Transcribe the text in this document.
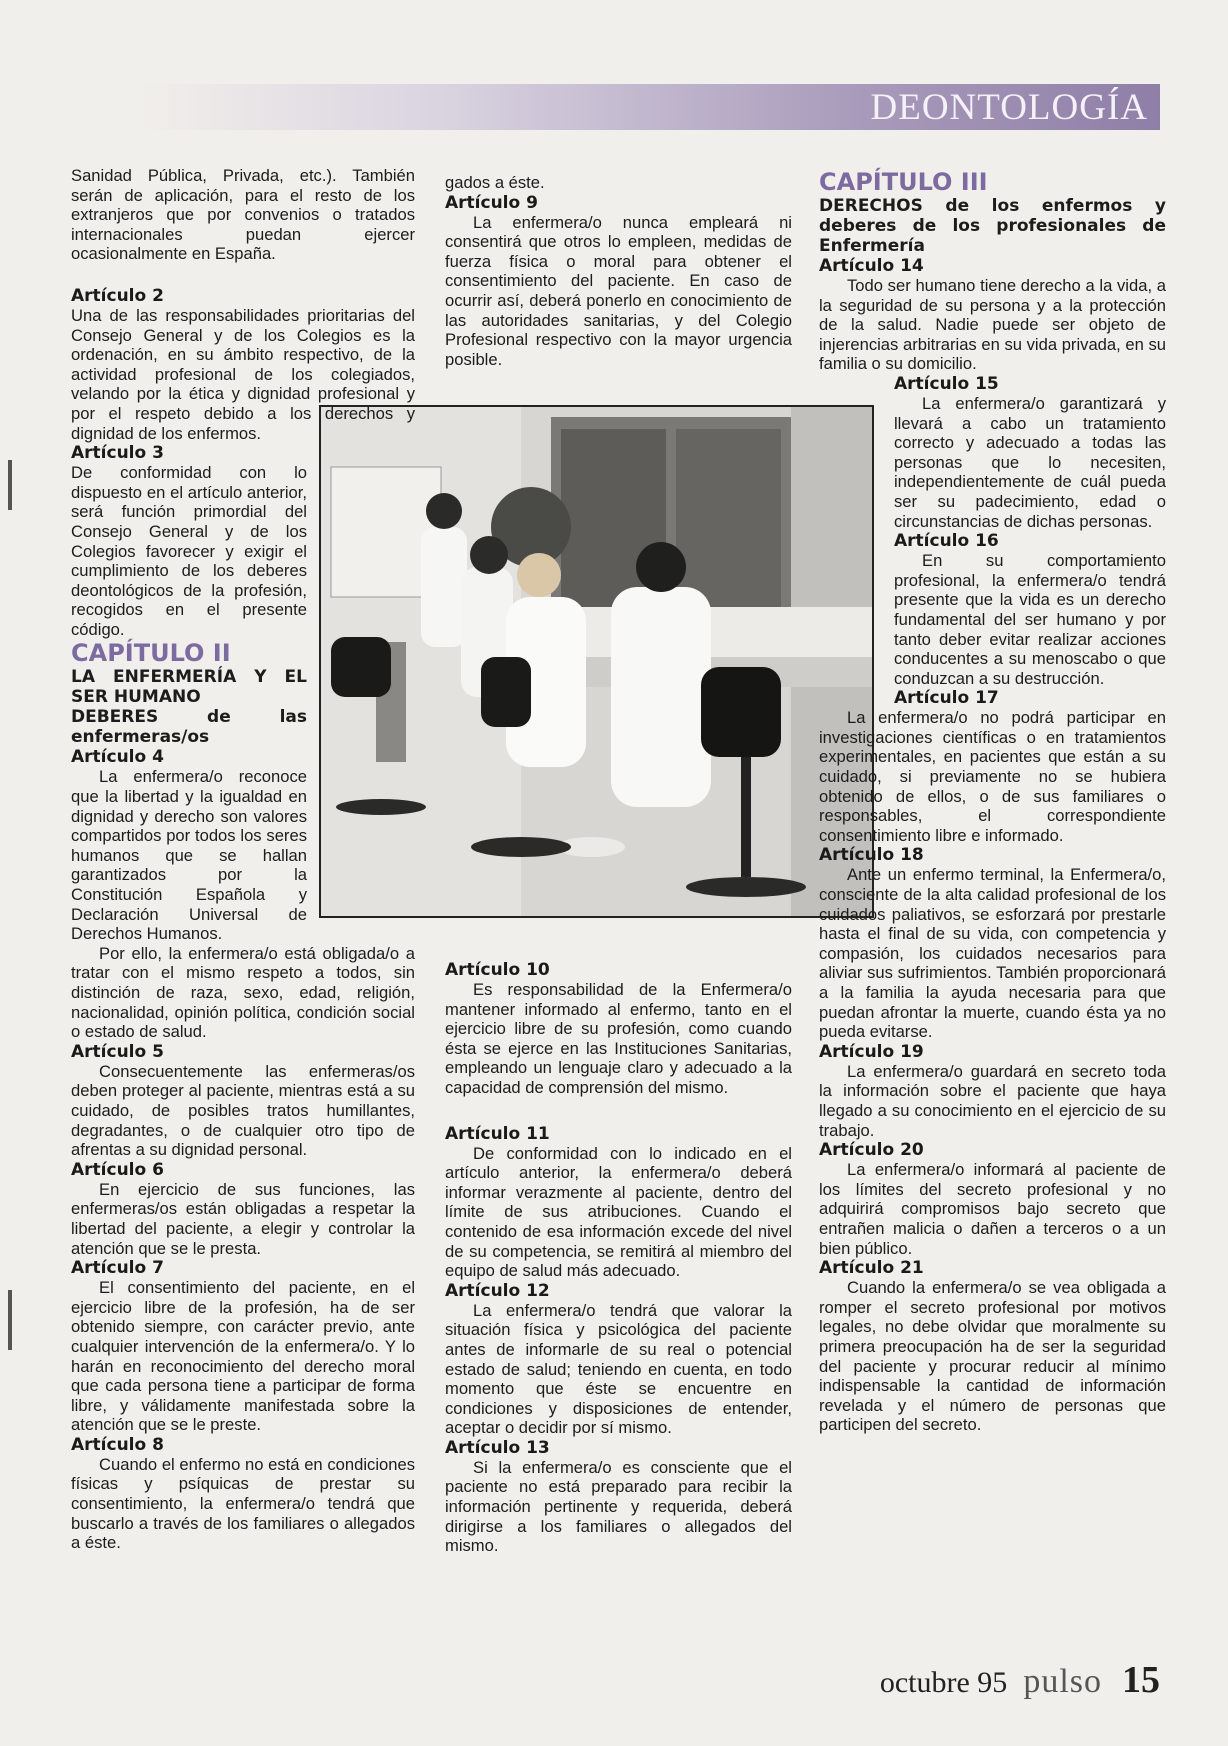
DEONTOLOGÍA

Sanidad Pública, Privada, etc.). También serán de aplicación, para el resto de los extranjeros que por convenios o tratados internacionales puedan ejercer ocasionalmente en España.

Artículo 2

Una de las responsabilidades prioritarias del Consejo General y de los Colegios es la ordenación, en su ámbito respectivo, de la actividad profesional de los colegiados, velando por la ética y dignidad profesional y por el respeto debido a los derechos y dignidad de los enfermos.

Artículo 3

De conformidad con lo dispuesto en el artículo anterior, será función primordial del Consejo General y de los Colegios favorecer y exigir el cumplimiento de los deberes deontológicos de la profesión, recogidos en el presente código.

CAPÍTULO II

LA ENFERMERÍA Y EL SER HUMANO

DEBERES de las enfermeras/os

Artículo 4

La enfermera/o reconoce que la libertad y la igualdad en dignidad y derecho son valores compartidos por todos los seres humanos que se hallan garantizados por la Constitución Española y Declaración Universal de Derechos Humanos.

Por ello, la enfermera/o está obligada/o a tratar con el mismo respeto a todos, sin distinción de raza, sexo, edad, religión, nacionalidad, opinión política, condición social o estado de salud.

Artículo 5

Consecuentemente las enfermeras/os deben proteger al paciente, mientras está a su cuidado, de posibles tratos humillantes, degradantes, o de cualquier otro tipo de afrentas a su dignidad personal.

Artículo 6

En ejercicio de sus funciones, las enfermeras/os están obligadas a respetar la libertad del paciente, a elegir y controlar la atención que se le presta.

Artículo 7

El consentimiento del paciente, en el ejercicio libre de la profesión, ha de ser obtenido siempre, con carácter previo, ante cualquier intervención de la enfermera/o. Y lo harán en reconocimiento del derecho moral que cada persona tiene a participar de forma libre, y válidamente manifestada sobre la atención que se le preste.

Artículo 8

Cuando el enfermo no está en condiciones físicas y psíquicas de prestar su consentimiento, la enfermera/o tendrá que buscarlo a través de los familiares o allegados a éste.

gados a éste.

Artículo 9

La enfermera/o nunca empleará ni consentirá que otros lo empleen, medidas de fuerza física o moral para obtener el consentimiento del paciente. En caso de ocurrir así, deberá ponerlo en conocimiento de las autoridades sanitarias, y del Colegio Profesional respectivo con la mayor urgencia posible.

Artículo 10

Es responsabilidad de la Enfermera/o mantener informado al enfermo, tanto en el ejercicio libre de su profesión, como cuando ésta se ejerce en las Instituciones Sanitarias, empleando un lenguaje claro y adecuado a la capacidad de comprensión del mismo.

Artículo 11

De conformidad con lo indicado en el artículo anterior, la enfermera/o deberá informar verazmente al paciente, dentro del límite de sus atribuciones. Cuando el contenido de esa información excede del nivel de su competencia, se remitirá al miembro del equipo de salud más adecuado.

Artículo 12

La enfermera/o tendrá que valorar la situación física y psicológica del paciente antes de informarle de su real o potencial estado de salud; teniendo en cuenta, en todo momento que éste se encuentre en condiciones y disposiciones de entender, aceptar o decidir por sí mismo.

Artículo 13

Si la enfermera/o es consciente que el paciente no está preparado para recibir la información pertinente y requerida, deberá dirigirse a los familiares o allegados del mismo.

CAPÍTULO III

DERECHOS de los enfermos y deberes de los profesionales de Enfermería

Artículo 14

Todo ser humano tiene derecho a la vida, a la seguridad de su persona y a la protección de la salud. Nadie puede ser objeto de injerencias arbitrarias en su vida privada, en su familia o su domicilio.

Artículo 15

La enfermera/o garantizará y llevará a cabo un tratamiento correcto y adecuado a todas las personas que lo necesiten, independientemente de cuál pueda ser su padecimiento, edad o circunstancias de dichas personas.

Artículo 16

En su comportamiento profesional, la enfermera/o tendrá presente que la vida es un derecho fundamental del ser humano y por tanto deber evitar realizar acciones conducentes a su menoscabo o que conduzcan a su destrucción.

Artículo 17

La enfermera/o no podrá participar en investigaciones científicas o en tratamientos experimentales, en pacientes que están a su cuidado, si previamente no se hubiera obtenido de ellos, o de sus familiares o responsables, el correspondiente consentimiento libre e informado.

Artículo 18

Ante un enfermo terminal, la Enfermera/o, consciente de la alta calidad profesional de los cuidados paliativos, se esforzará por prestarle hasta el final de su vida, con competencia y compasión, los cuidados necesarios para aliviar sus sufrimientos. También proporcionará a la familia la ayuda necesaria para que puedan afrontar la muerte, cuando ésta ya no pueda evitarse.

Artículo 19

La enfermera/o guardará en secreto toda la información sobre el paciente que haya llegado a su conocimiento en el ejercicio de su trabajo.

Artículo 20

La enfermera/o informará al paciente de los límites del secreto profesional y no adquirirá compromisos bajo secreto que entrañen malicia o dañen a terceros o a un bien público.

Artículo 21

Cuando la enfermera/o se vea obligada a romper el secreto profesional por motivos legales, no debe olvidar que moralmente su primera preocupación ha de ser la seguridad del paciente y procurar reducir al mínimo indispensable la cantidad de información revelada y el número de personas que participen del secreto.

octubre 95 pulso 15
